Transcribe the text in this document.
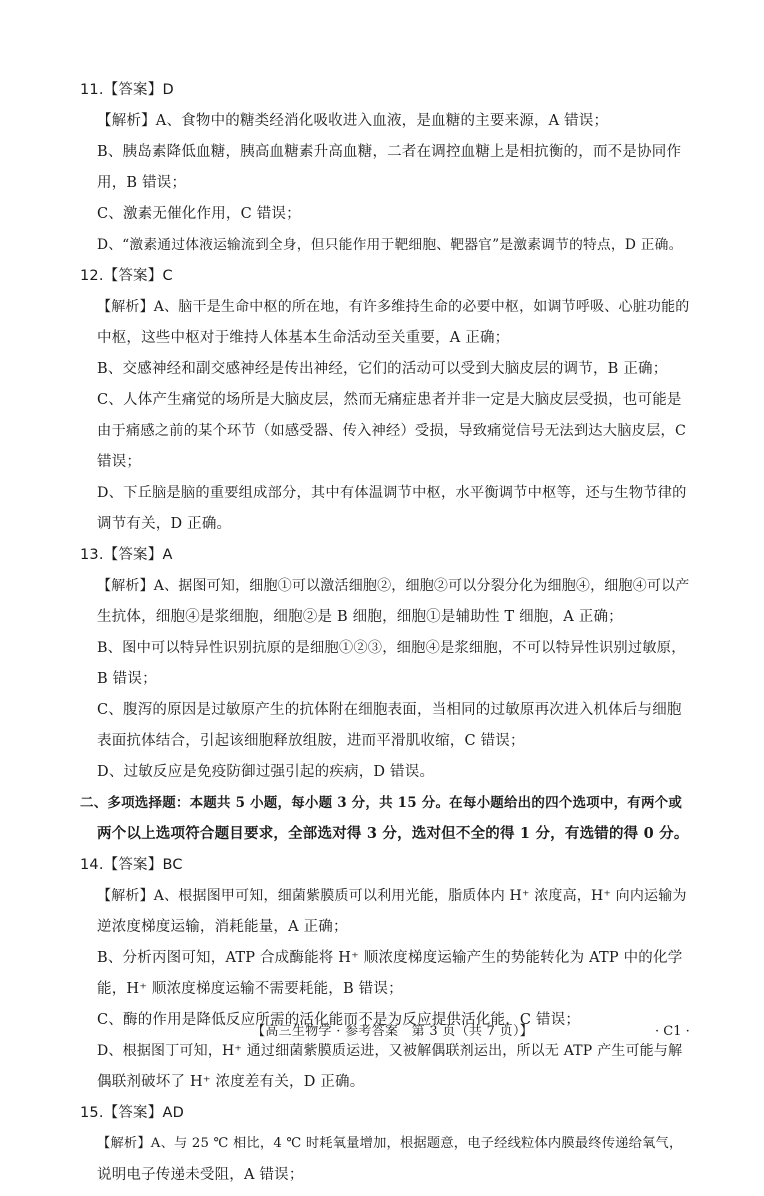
11.【答案】D
【解析】A、食物中的糖类经消化吸收进入血液，是血糖的主要来源，A 错误；
B、胰岛素降低血糖，胰高血糖素升高血糖，二者在调控血糖上是相抗衡的，而不是协同作
用，B 错误；
C、激素无催化作用，C 错误；
D、“激素通过体液运输流到全身，但只能作用于靶细胞、靶器官”是激素调节的特点，D 正确。
12.【答案】C
【解析】A、脑干是生命中枢的所在地，有许多维持生命的必要中枢，如调节呼吸、心脏功能的
中枢，这些中枢对于维持人体基本生命活动至关重要，A 正确；
B、交感神经和副交感神经是传出神经，它们的活动可以受到大脑皮层的调节，B 正确；
C、人体产生痛觉的场所是大脑皮层，然而无痛症患者并非一定是大脑皮层受损，也可能是
由于痛感之前的某个环节（如感受器、传入神经）受损，导致痛觉信号无法到达大脑皮层，C
错误；
D、下丘脑是脑的重要组成部分，其中有体温调节中枢，水平衡调节中枢等，还与生物节律的
调节有关，D 正确。
13.【答案】A
【解析】A、据图可知，细胞①可以激活细胞②，细胞②可以分裂分化为细胞④，细胞④可以产
生抗体，细胞④是浆细胞，细胞②是 B 细胞，细胞①是辅助性 T 细胞，A 正确；
B、图中可以特异性识别抗原的是细胞①②③，细胞④是浆细胞，不可以特异性识别过敏原，
B 错误；
C、腹泻的原因是过敏原产生的抗体附在细胞表面，当相同的过敏原再次进入机体后与细胞
表面抗体结合，引起该细胞释放组胺，进而平滑肌收缩，C 错误；
D、过敏反应是免疫防御过强引起的疾病，D 错误。
二、多项选择题：本题共 5 小题，每小题 3 分，共 15 分。在每小题给出的四个选项中，有两个或
两个以上选项符合题目要求，全部选对得 3 分，选对但不全的得 1 分，有选错的得 0 分。
14.【答案】BC
【解析】A、根据图甲可知，细菌紫膜质可以利用光能，脂质体内 H⁺ 浓度高，H⁺ 向内运输为
逆浓度梯度运输，消耗能量，A 正确；
B、分析丙图可知，ATP 合成酶能将 H⁺ 顺浓度梯度运输产生的势能转化为 ATP 中的化学
能，H⁺ 顺浓度梯度运输不需要耗能，B 错误；
C、酶的作用是降低反应所需的活化能而不是为反应提供活化能，C 错误；
D、根据图丁可知，H⁺ 通过细菌紫膜质运进，又被解偶联剂运出，所以无 ATP 产生可能与解
偶联剂破坏了 H⁺ 浓度差有关，D 正确。
15.【答案】AD
【解析】A、与 25 ℃ 相比，4 ℃ 时耗氧量增加，根据题意，电子经线粒体内膜最终传递给氧气，
说明电子传递未受阻，A 错误；
【高三生物学 · 参考答案　第 3 页（共 7 页）】	· C1 ·
